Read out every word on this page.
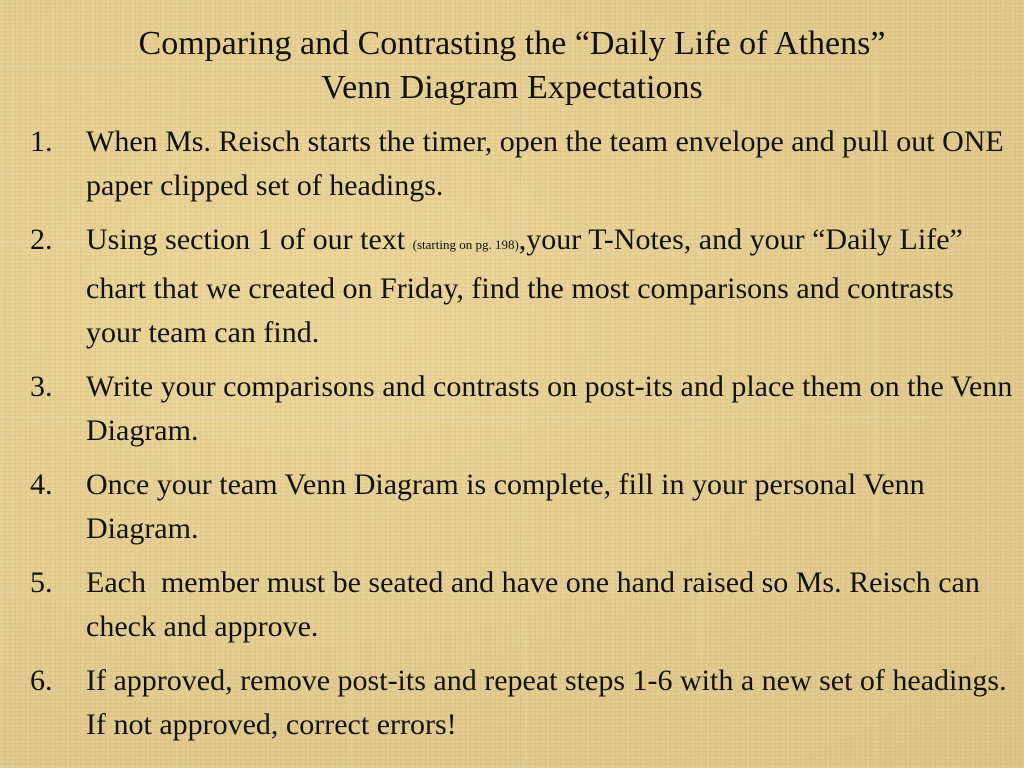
Comparing and Contrasting the “Daily Life of Athens”
Venn Diagram Expectations
1. When Ms. Reisch starts the timer, open the team envelope and pull out ONE paper clipped set of headings.
2. Using section 1 of our text (starting on pg. 198),your T-Notes, and your “Daily Life” chart that we created on Friday, find the most comparisons and contrasts your team can find.
3. Write your comparisons and contrasts on post-its and place them on the Venn Diagram.
4. Once your team Venn Diagram is complete, fill in your personal Venn Diagram.
5. Each  member must be seated and have one hand raised so Ms. Reisch can check and approve.
6. If approved, remove post-its and repeat steps 1-6 with a new set of headings. If not approved, correct errors!
